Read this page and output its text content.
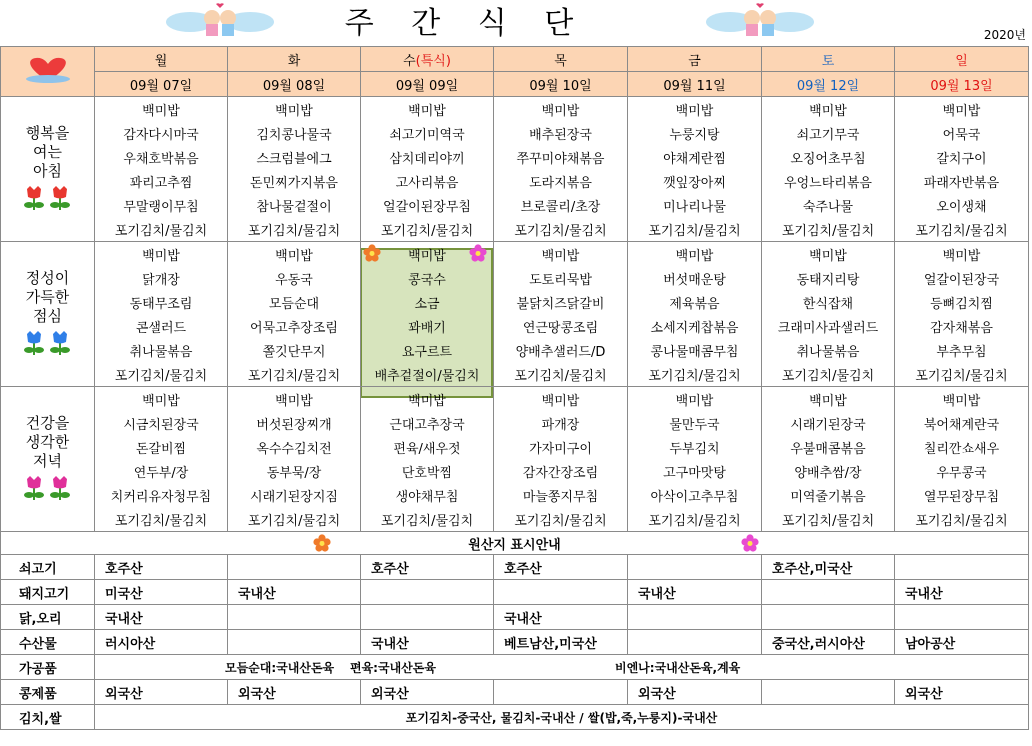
주 간 식 단	2020년
	월	화	수(특식)	목	금	토	일
	09월 07일	09월 08일	09월 09일	09월 10일	09월 11일	09월 12일	09월 13일

행복을
여는
아침	백미밥	백미밥	백미밥	백미밥	백미밥	백미밥	백미밥
	감자다시마국	김치콩나물국	쇠고기미역국	배추된장국	누룽지탕	쇠고기무국	어묵국
	우채호박볶음	스크럼블에그	삼치데리야끼	쭈꾸미야채볶음	야채계란찜	오징어초무침	갈치구이
	꽈리고추찜	돈민찌가지볶음	고사리볶음	도라지볶음	깻잎장아찌	우엉느타리볶음	파래자반볶음
	무말랭이무침	참나물겉절이	얼갈이된장무침	브로콜리/초장	미나리나물	숙주나물	오이생채
	포기김치/물김치	포기김치/물김치	포기김치/물김치	포기김치/물김치	포기김치/물김치	포기김치/물김치	포기김치/물김치

정성이
가득한
점심	백미밥	백미밥	백미밥	백미밥	백미밥	백미밥	백미밥
	닭개장	우동국	콩국수	도토리묵밥	버섯매운탕	동태지리탕	얼갈이된장국
	동태무조림	모듬순대	소금	불닭치즈닭갈비	제육볶음	한식잡채	등뼈김치찜
	콘샐러드	어묵고추장조림	꽈배기	연근땅콩조림	소세지케찹볶음	크래미사과샐러드	감자채볶음
	취나물볶음	쫄깃단무지	요구르트	양배추샐러드/D	콩나물매콤무침	취나물볶음	부추무침
	포기김치/물김치	포기김치/물김치	배추겉절이/물김치	포기김치/물김치	포기김치/물김치	포기김치/물김치	포기김치/물김치

건강을
생각한
저녁	백미밥	백미밥	백미밥	백미밥	백미밥	백미밥	백미밥
	시금치된장국	버섯된장찌개	근대고추장국	파개장	물만두국	시래기된장국	북어채계란국
	돈갈비찜	옥수수김치전	편육/새우젓	가자미구이	두부김치	우불매콤볶음	칠리깐쇼새우
	연두부/장	동부묵/장	단호박찜	감자간장조림	고구마맛탕	양배추쌈/장	우무콩국
	치커리유자청무침	시래기된장지짐	생야채무침	마늘쫑지무침	아삭이고추무침	미역줄기볶음	열무된장무침
	포기김치/물김치	포기김치/물김치	포기김치/물김치	포기김치/물김치	포기김치/물김치	포기김치/물김치	포기김치/물김치

원산지 표시안내							

쇠고기	호주산		호주산	호주산		호주산,미국산	
돼지고기	미국산	국내산			국내산		국내산
닭,오리	국내산			국내산			
수산물	러시아산		국내산	베트남산,미국산		중국산,러시아산	남아공산
가공품	모듬순대:국내산돈육 편육:국내산돈육 비엔나:국내산돈육,계육						

콩제품	외국산	외국산	외국산		외국산		외국산
김치,쌀	포기김치-중국산, 물김치-국내산 / 쌀(밥,죽,누룽지)-국내산						
